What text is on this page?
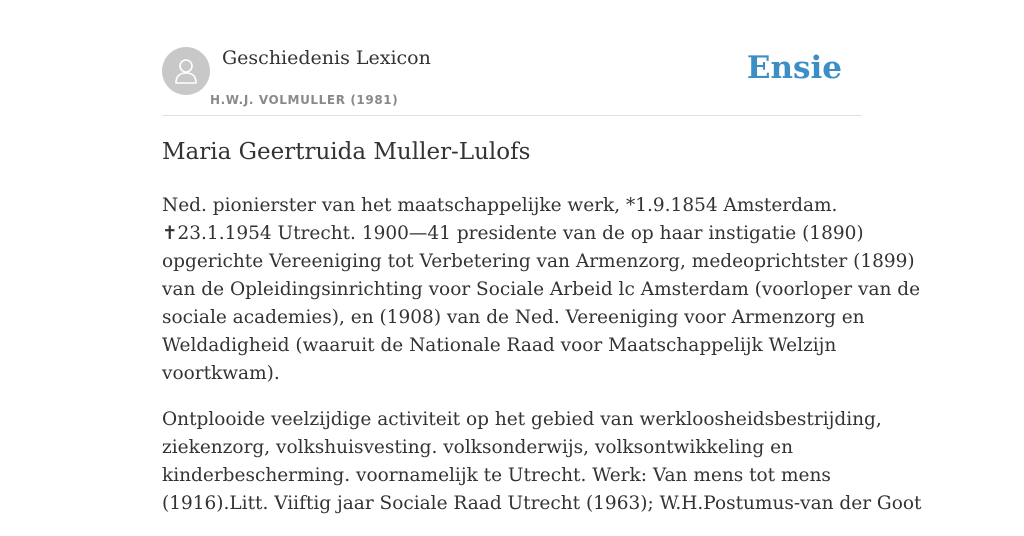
Geschiedenis Lexicon
H.W.J. VOLMULLER (1981)
Ensie
Maria Geertruida Muller-Lulofs

Ned. pionierster van het maatschappelijke werk, *1.9.1854 Amsterdam.
✝23.1.1954 Utrecht. 1900—41 presidente van de op haar instigatie (1890)
opgerichte Vereeniging tot Verbetering van Armenzorg, medeoprichtster (1899)
van de Opleidingsinrichting voor Sociale Arbeid lc Amsterdam (voorloper van de
sociale academies), en (1908) van de Ned. Vereeniging voor Armenzorg en
Weldadigheid (waaruit de Nationale Raad voor Maatschappelijk Welzijn
voortkwam).

Ontplooide veelzijdige activiteit op het gebied van werkloosheidsbestrijding,
ziekenzorg, volkshuisvesting. volksonderwijs, volksontwikkeling en
kinderbescherming. voornamelijk te Utrecht. Werk: Van mens tot mens
(1916).Litt. Viiftig jaar Sociale Raad Utrecht (1963); W.H.Postumus-van der Goot
